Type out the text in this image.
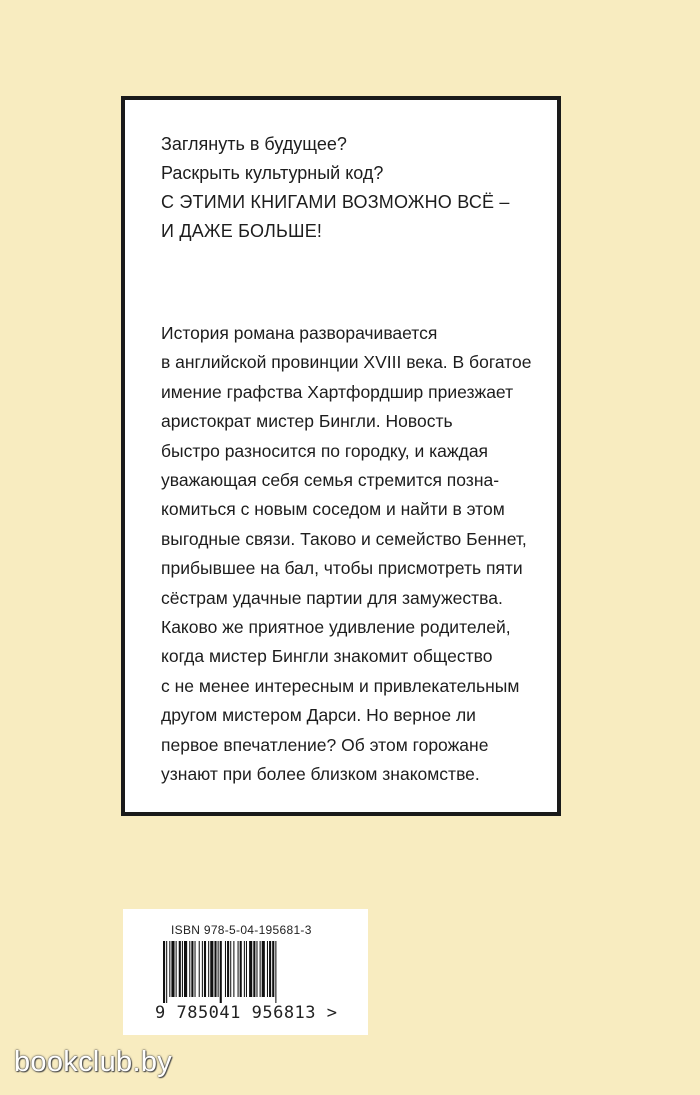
Заглянуть в будущее?
Раскрыть культурный код?
С ЭТИМИ КНИГАМИ ВОЗМОЖНО ВСЁ –
И ДАЖЕ БОЛЬШЕ!
История романа разворачивается
в английской провинции XVIII века. В богатое
имение графства Хартфордшир приезжает
аристократ мистер Бингли. Новость
быстро разносится по городку, и каждая
уважающая себя семья стремится позна-
комиться с новым соседом и найти в этом
выгодные связи. Таково и семейство Беннет,
прибывшее на бал, чтобы присмотреть пяти
сёстрам удачные партии для замужества.
Каково же приятное удивление родителей,
когда мистер Бингли знакомит общество
с не менее интересным и привлекательным
другом мистером Дарси. Но верное ли
первое впечатление? Об этом горожане
узнают при более близком знакомстве.
ISBN 978-5-04-195681-3
9 785041 956813 >
bookclub.by
